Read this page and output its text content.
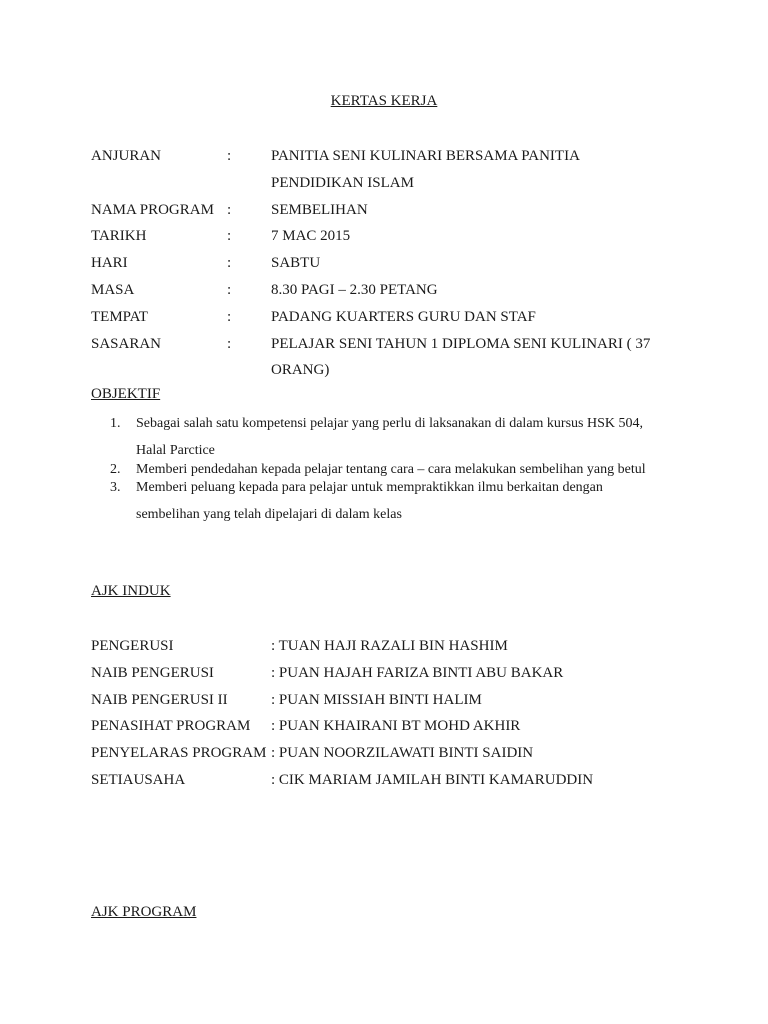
KERTAS KERJA
ANJURAN	:	PANITIA SENI KULINARI BERSAMA PANITIA PENDIDIKAN ISLAM
NAMA PROGRAM :	SEMBELIHAN
TARIKH	:	7 MAC 2015
HARI	:	SABTU
MASA	:	8.30 PAGI – 2.30 PETANG
TEMPAT	:	PADANG KUARTERS GURU DAN STAF
SASARAN	:	PELAJAR SENI TAHUN 1 DIPLOMA SENI KULINARI ( 37 ORANG)
OBJEKTIF
1.	Sebagai salah satu kompetensi pelajar yang perlu di laksanakan di dalam kursus HSK 504, Halal Parctice
2.	Memberi pendedahan kepada pelajar tentang cara – cara melakukan sembelihan yang betul
3.	Memberi peluang kepada para pelajar untuk mempraktikkan ilmu berkaitan dengan sembelihan yang telah dipelajari di dalam kelas
AJK INDUK
PENGERUSI	: TUAN HAJI RAZALI BIN HASHIM
NAIB PENGERUSI	: PUAN HAJAH FARIZA BINTI ABU BAKAR
NAIB PENGERUSI II	: PUAN MISSIAH BINTI HALIM
PENASIHAT PROGRAM	: PUAN KHAIRANI BT MOHD AKHIR
PENYELARAS PROGRAM : PUAN NOORZILAWATI BINTI SAIDIN
SETIAUSAHA	: CIK MARIAM JAMILAH BINTI KAMARUDDIN
AJK PROGRAM
